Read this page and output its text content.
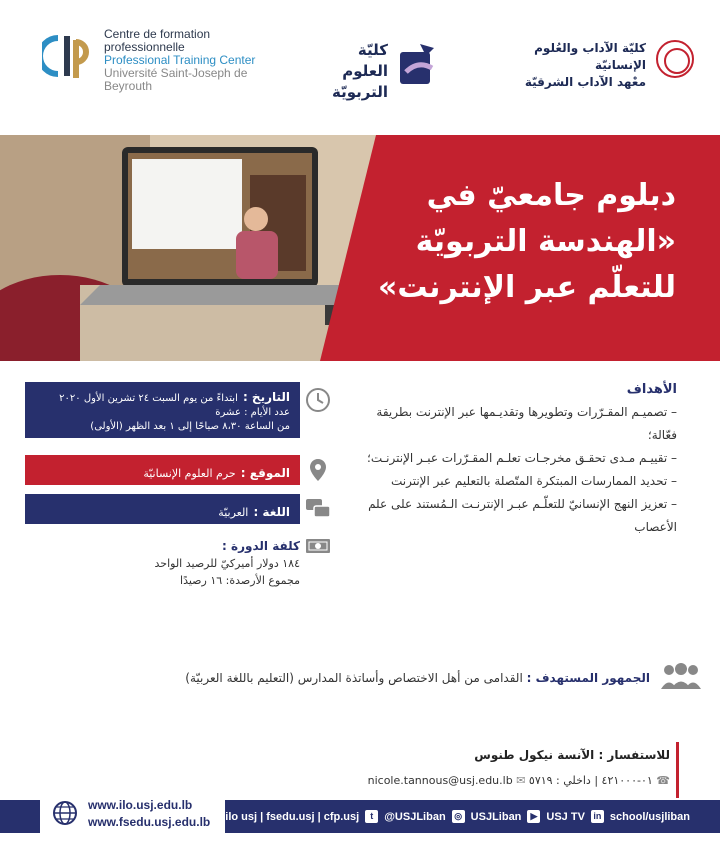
Centre de formation
professionnelle
Professional Training Center
Université Saint-Joseph de Beyrouth
كليّة العلوم
التربويّة
كليّة الآداب والعُلوم الإنسانيّة
معْهد الآداب الشرقيّة
دبلوم جامعيّ في
«الهندسة التربويّة
للتعلّم عبر الإنترنت»
التاريخ : ابتداءً من يوم السبت ٢٤ تشرين الأول ٢٠٢٠
عدد الأيام : عشرة
من الساعة ٨،٣٠ صباحًا إلى ١ بعد الظهر (الأولى)
الموقع : حرم العلوم الإنسانيّة
اللغة : العربيّة
كلفة الدورة :
١٨٤ دولار أميركيّ للرصيد الواحد
مجموع الأرصدة: ١٦ رصيدًا
الأهداف
– تصميـم المقـرّرات وتطويرها وتقديـمها عبر الإنترنت بطريقة فعّالة؛
– تقييـم مـدى تحقـق مخرجـات تعلـم المقـرّرات عبـر الإنترنـت؛
– تحديد الممارسات المبتكرة المتّصلة بالتعليم عبر الإنترنت
– تعزيز النهج الإنسانيّ للتعلّـم عبـر الإنترنـت الـمُستند على علم الأعصاب
الجمهور المستهدف : القدامى من أهل الاختصاص وأساتذة المدارس (التعليم باللغة العربيّة)
للاستفسار : الآنسة نيكول طنوس
☎ ٠١-٤٢١٠٠٠ | داخلي : ٥٧١٩ ✉ nicole.tannous@usj.edu.lb
ilo usj | fsedu.usj | cfp.usj	t	@USJLiban ◎ USJLiban	▶ USJ TV in school/usjliban
www.ilo.usj.edu.lb
www.fsedu.usj.edu.lb
